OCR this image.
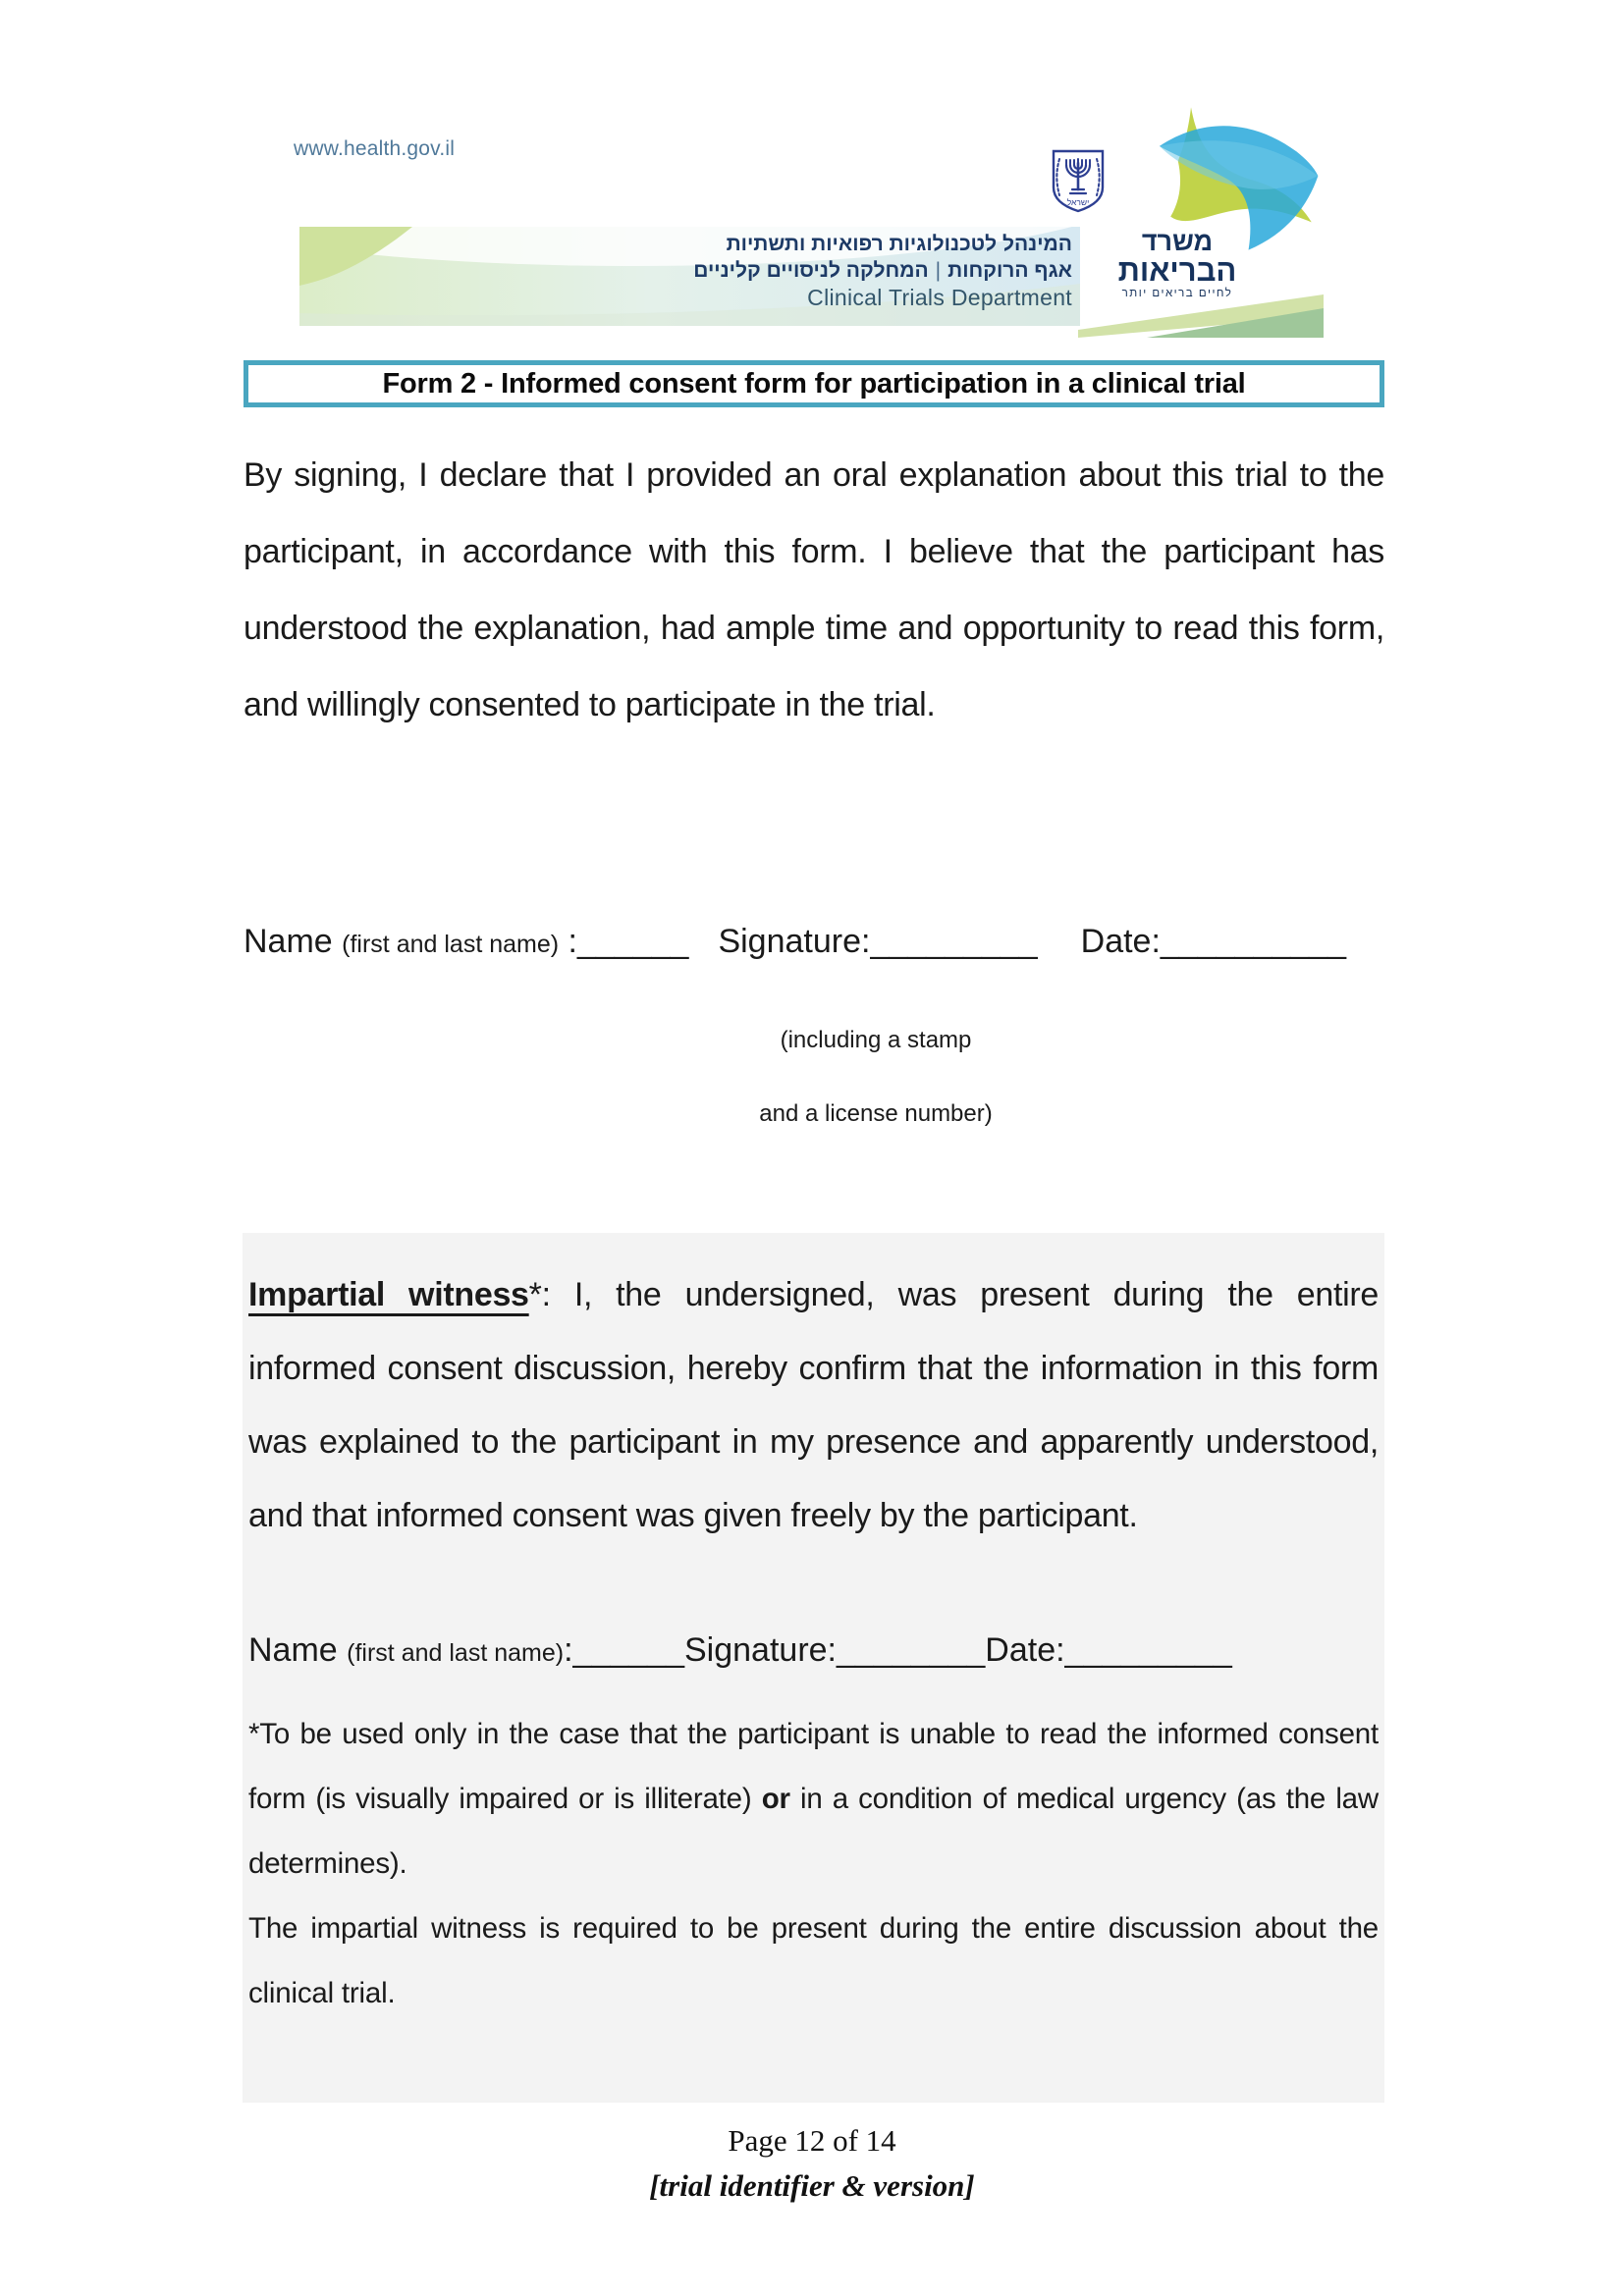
www.health.gov.il
המינהל לטכנולוגיות רפואיות ותשתיות
אגף הרוקחות|המחלקה לניסויים קליניים
Clinical Trials Department
ישראל
משרד
הבריאות
לחיים בריאים יותר
Form 2 - Informed consent form for participation in a clinical trial

By signing, I declare that I provided an oral explanation about this trial to the participant, in accordance with this form. I believe that the participant has understood the explanation, had ample time and opportunity to read this form, and willingly consented to participate in the trial.

Name (first and last name) :______ Signature:_________ Date:__________
(including a stamp
and a license number)

Impartial witness*: I, the undersigned, was present during the entire informed consent discussion, hereby confirm that the information in this form was explained to the participant in my presence and apparently understood, and that informed consent was given freely by the participant.

Name (first and last name):______Signature:________Date:_________

*To be used only in the case that the participant is unable to read the informed consent form (is visually impaired or is illiterate) or in a condition of medical urgency (as the law determines).

The impartial witness is required to be present during the entire discussion about the clinical trial.

Page 12 of 14
[trial identifier & version]
